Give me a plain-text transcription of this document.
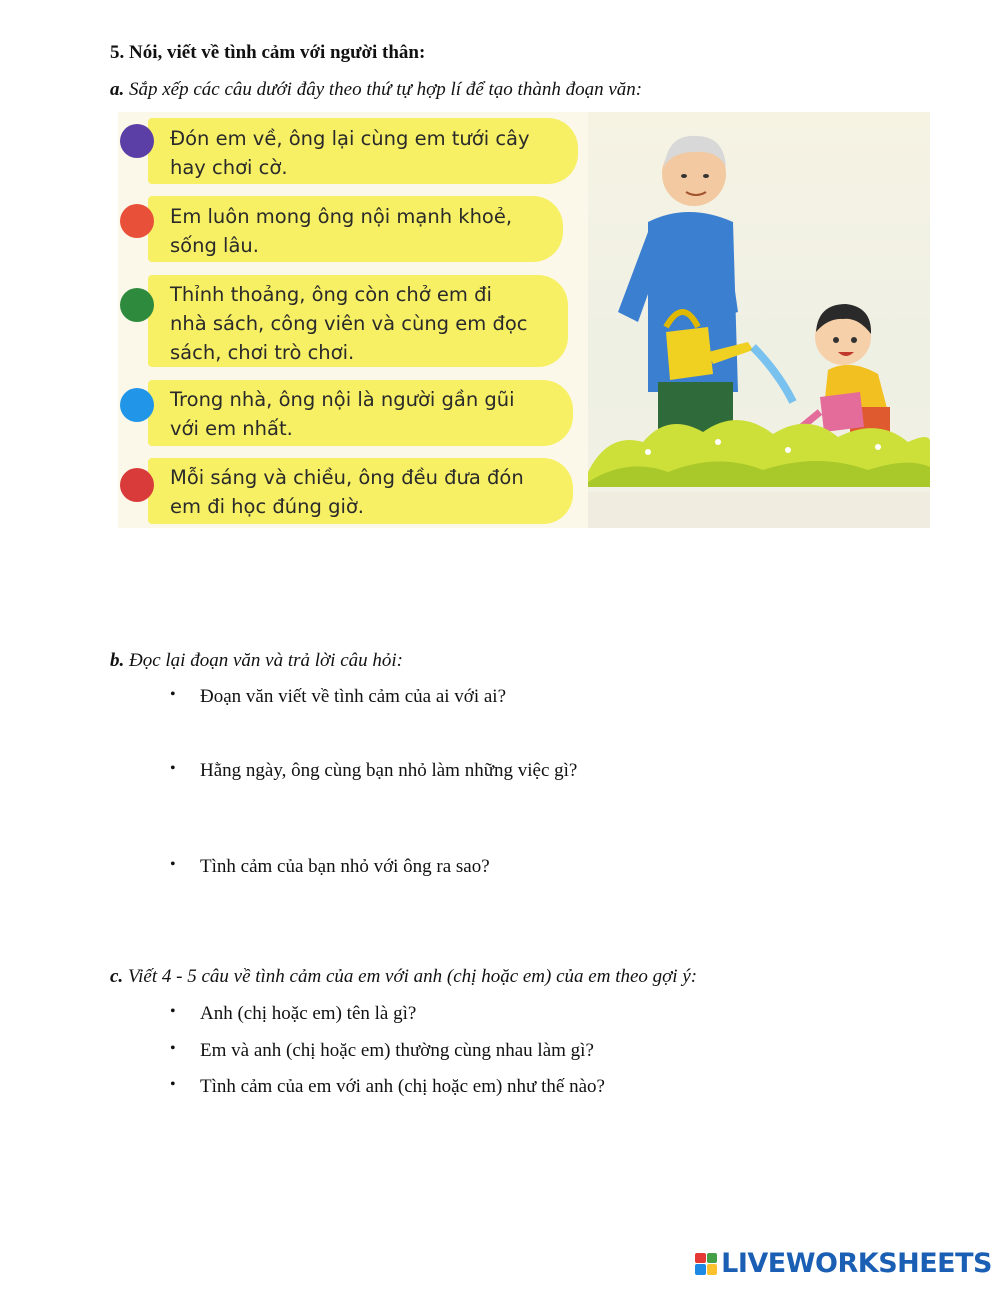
5. Nói, viết về tình cảm với người thân:
a. Sắp xếp các câu dưới đây theo thứ tự hợp lí để tạo thành đoạn văn:
Đón em về, ông lại cùng em tưới cây
hay chơi cờ.
Em luôn mong ông nội mạnh khoẻ,
sống lâu.
Thỉnh thoảng, ông còn chở em đi
nhà sách, công viên và cùng em đọc
sách, chơi trò chơi.
Trong nhà, ông nội là người gần gũi
với em nhất.
Mỗi sáng và chiều, ông đều đưa đón
em đi học đúng giờ.
b. Đọc lại đoạn văn và trả lời câu hỏi:
Đoạn văn viết về tình cảm của ai với ai?
Hằng ngày, ông cùng bạn nhỏ làm những việc gì?
Tình cảm của bạn nhỏ với ông ra sao?
c. Viết 4 - 5 câu về tình cảm của em với anh (chị hoặc em) của em theo gợi ý:
Anh (chị hoặc em) tên là gì?
Em và anh (chị hoặc em) thường cùng nhau làm gì?
Tình cảm của em với anh (chị hoặc em) như thế nào?
LIVEWORKSHEETS
